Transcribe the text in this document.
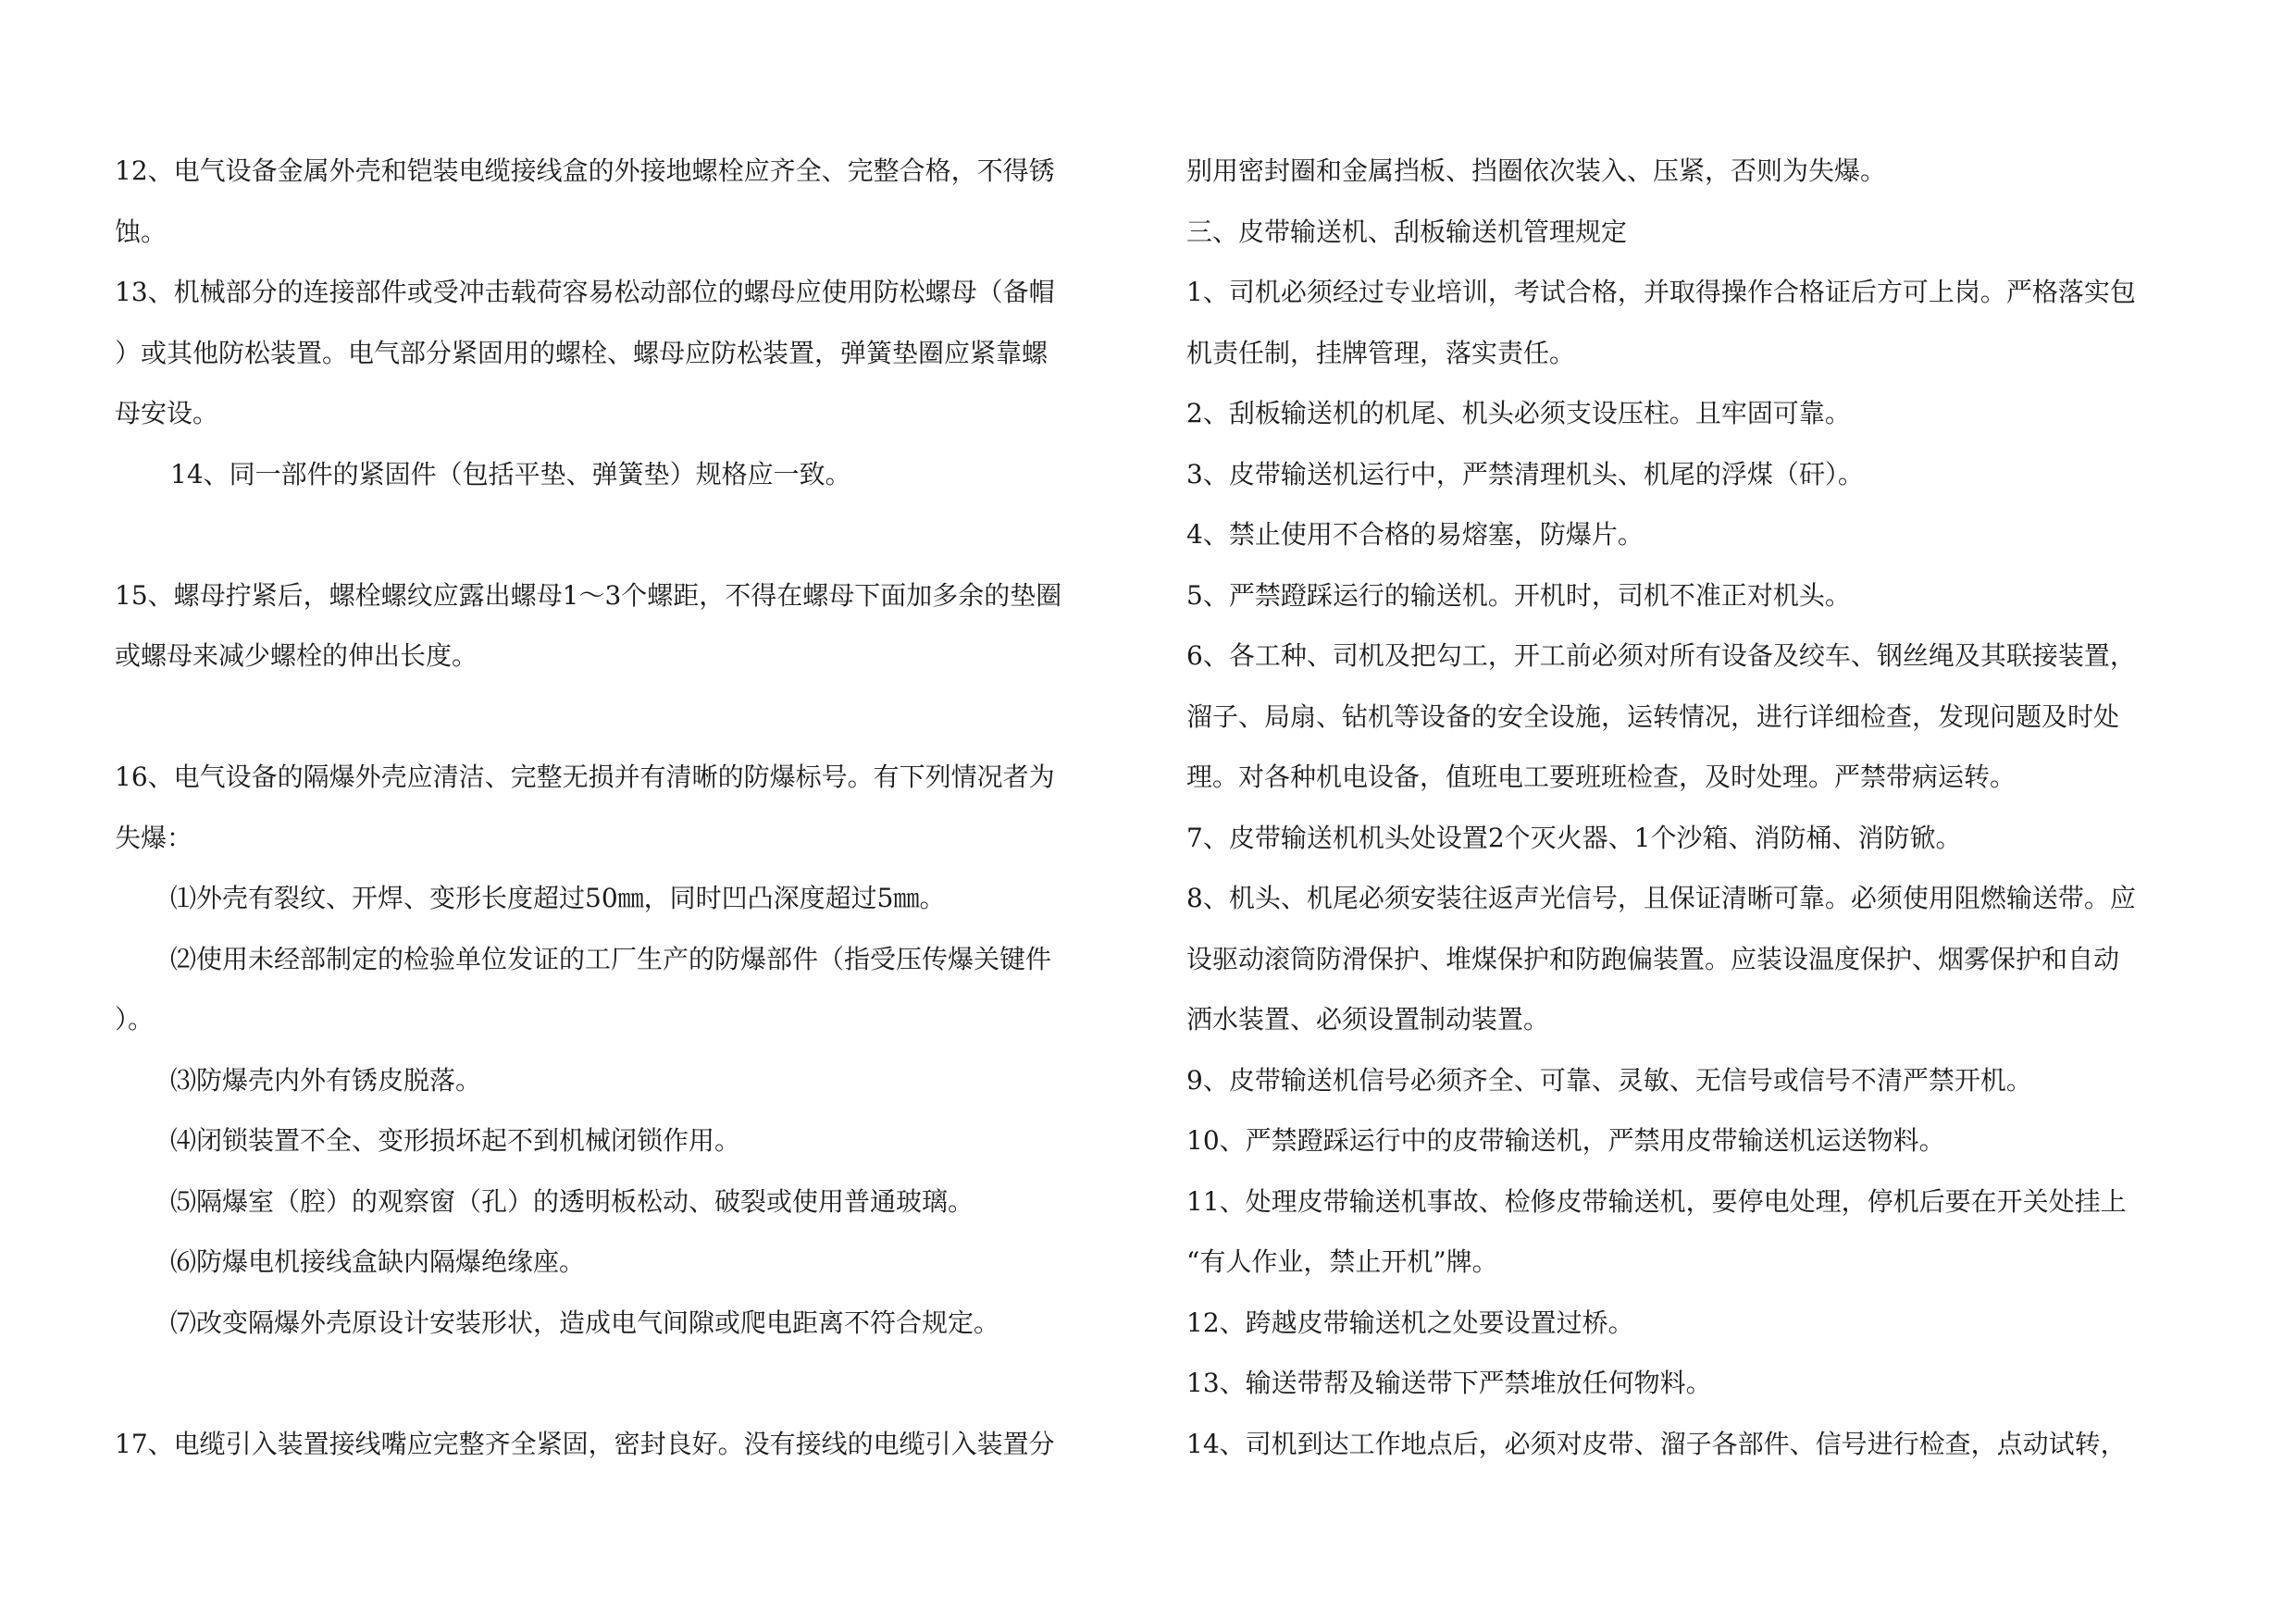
12、电气设备金属外壳和铠装电缆接线盒的外接地螺栓应齐全、完整合格，不得锈
蚀。
13、机械部分的连接部件或受冲击载荷容易松动部位的螺母应使用防松螺母（备帽
）或其他防松装置。电气部分紧固用的螺栓、螺母应防松装置，弹簧垫圈应紧靠螺
母安设。
14、同一部件的紧固件（包括平垫、弹簧垫）规格应一致。
15、螺母拧紧后，螺栓螺纹应露出螺母1～3个螺距，不得在螺母下面加多余的垫圈
或螺母来减少螺栓的伸出长度。
16、电气设备的隔爆外壳应清洁、完整无损并有清晰的防爆标号。有下列情况者为
失爆：
⑴外壳有裂纹、开焊、变形长度超过50㎜，同时凹凸深度超过5㎜。
⑵使用未经部制定的检验单位发证的工厂生产的防爆部件（指受压传爆关键件
）。
⑶防爆壳内外有锈皮脱落。
⑷闭锁装置不全、变形损坏起不到机械闭锁作用。
⑸隔爆室（腔）的观察窗（孔）的透明板松动、破裂或使用普通玻璃。
⑹防爆电机接线盒缺内隔爆绝缘座。
⑺改变隔爆外壳原设计安装形状，造成电气间隙或爬电距离不符合规定。
17、电缆引入装置接线嘴应完整齐全紧固，密封良好。没有接线的电缆引入装置分
别用密封圈和金属挡板、挡圈依次装入、压紧，否则为失爆。
三、皮带输送机、刮板输送机管理规定
1、司机必须经过专业培训，考试合格，并取得操作合格证后方可上岗。严格落实包
机责任制，挂牌管理，落实责任。
2、刮板输送机的机尾、机头必须支设压柱。且牢固可靠。
3、皮带输送机运行中，严禁清理机头、机尾的浮煤（矸）。
4、禁止使用不合格的易熔塞，防爆片。
5、严禁蹬踩运行的输送机。开机时，司机不准正对机头。
6、各工种、司机及把勾工，开工前必须对所有设备及绞车、钢丝绳及其联接装置，
溜子、局扇、钻机等设备的安全设施，运转情况，进行详细检查，发现问题及时处
理。对各种机电设备，值班电工要班班检查，及时处理。严禁带病运转。
7、皮带输送机机头处设置2个灭火器、1个沙箱、消防桶、消防锨。
8、机头、机尾必须安装往返声光信号，且保证清晰可靠。必须使用阻燃输送带。应
设驱动滚筒防滑保护、堆煤保护和防跑偏装置。应装设温度保护、烟雾保护和自动
洒水装置、必须设置制动装置。
9、皮带输送机信号必须齐全、可靠、灵敏、无信号或信号不清严禁开机。
10、严禁蹬踩运行中的皮带输送机，严禁用皮带输送机运送物料。
11、处理皮带输送机事故、检修皮带输送机，要停电处理，停机后要在开关处挂上
“有人作业，禁止开机”牌。
12、跨越皮带输送机之处要设置过桥。
13、输送带帮及输送带下严禁堆放任何物料。
14、司机到达工作地点后，必须对皮带、溜子各部件、信号进行检查，点动试转，
